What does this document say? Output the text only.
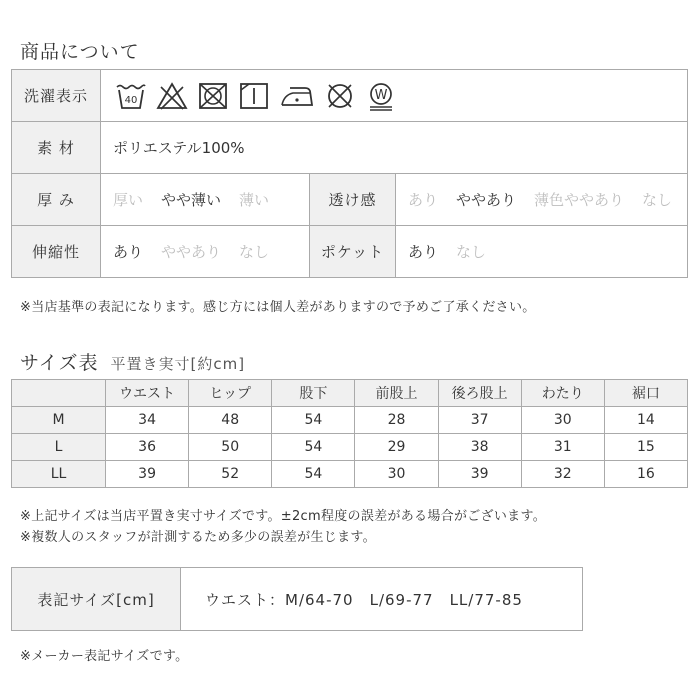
商品について
洗濯表示	40 W		

素 材	ポリエステル100%		
厚 み	厚い やや薄い 薄い	透け感	あり ややあり 薄色ややあり なし
伸縮性	あり ややあり なし	ポケット	あり なし
※当店基準の表記になります。感じ方には個人差がありますので予めご了承ください。
サイズ表 平置き実寸[約cm]
	ウエスト	ヒップ	股下	前股上	後ろ股上	わたり	裾口
M	34	48	54	28	37	30	14
L	36	50	54	29	38	31	15
LL	39	52	54	30	39	32	16
※上記サイズは当店平置き実寸サイズです。±2cm程度の誤差がある場合がございます。
※複数人のスタッフが計測するため多少の誤差が生じます。
表記サイズ[cm]	ウエスト：M/64-70　L/69-77　LL/77-85
※メーカー表記サイズです。
